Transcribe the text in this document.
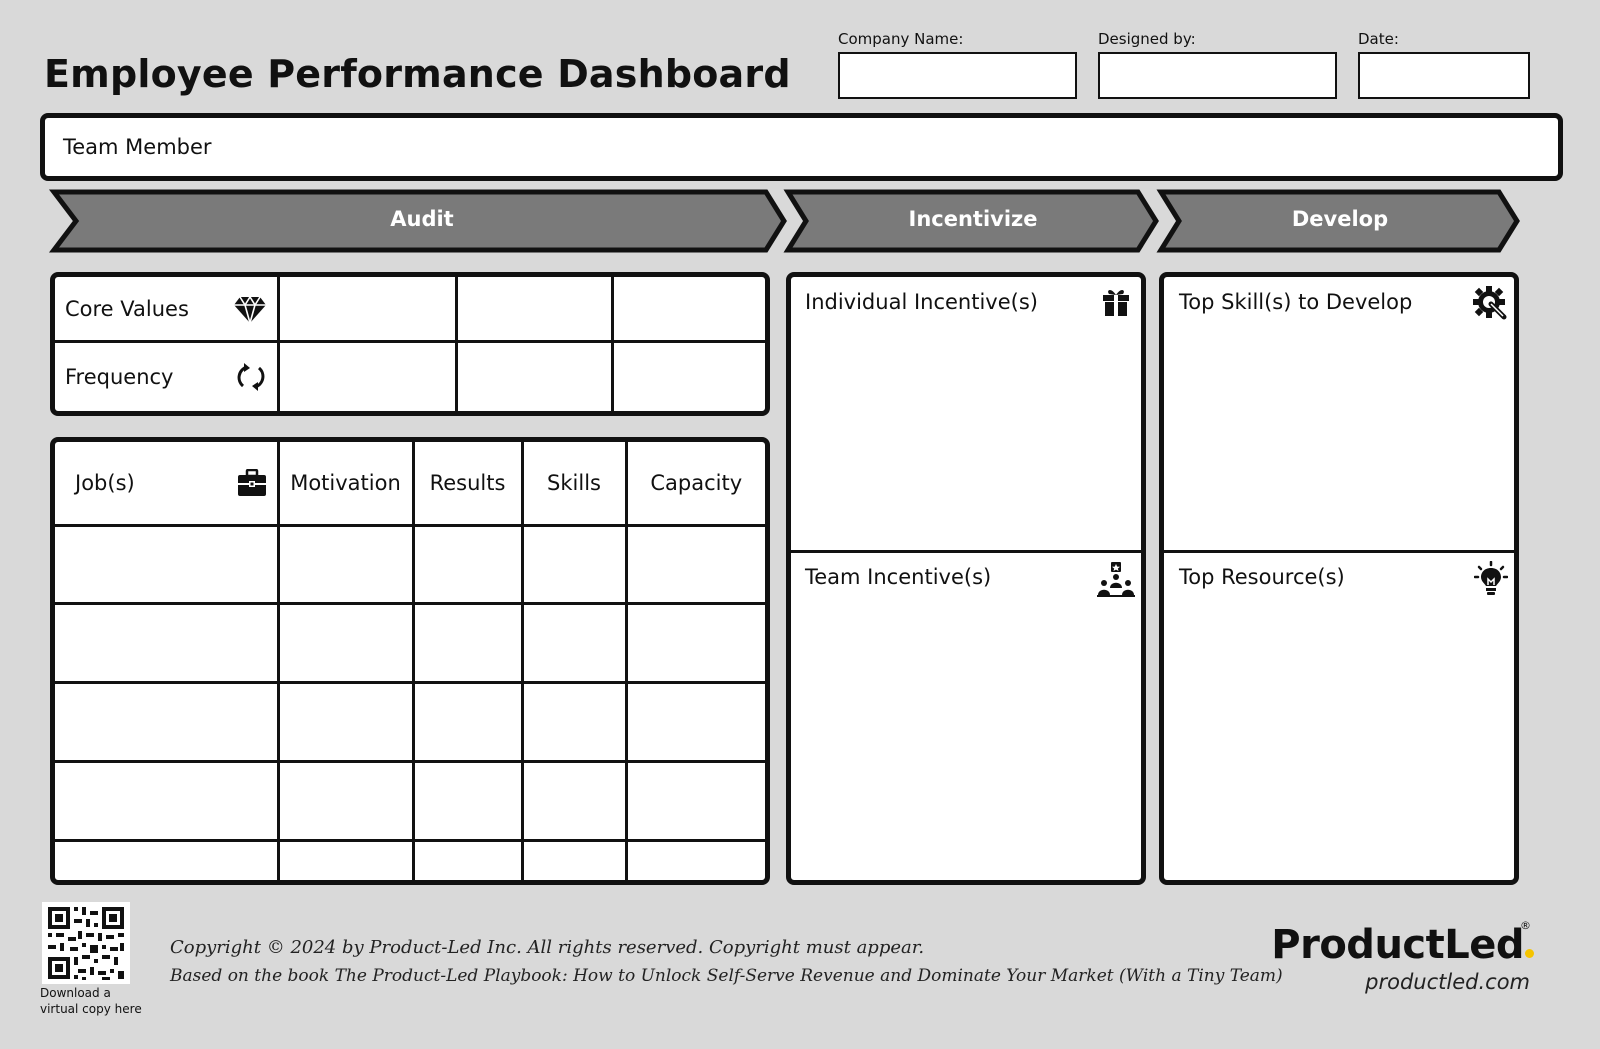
Employee Performance Dashboard
Company Name:	Designed by:	Date:
Team Member
Audit	Incentivize	Develop
Core Values			

Frequency			

Job(s)	Motivation	Results	Skills	Capacity

Individual Incentive(s)
Team Incentive(s)
Top Skill(s) to Develop
Top Resource(s)
Download a
virtual copy here
Copyright © 2024 by Product-Led Inc. All rights reserved. Copyright must appear.
Based on the book The Product-Led Playbook: How to Unlock Self-Serve Revenue and Dominate Your Market (With a Tiny Team)
ProductLed
®
productled.com
